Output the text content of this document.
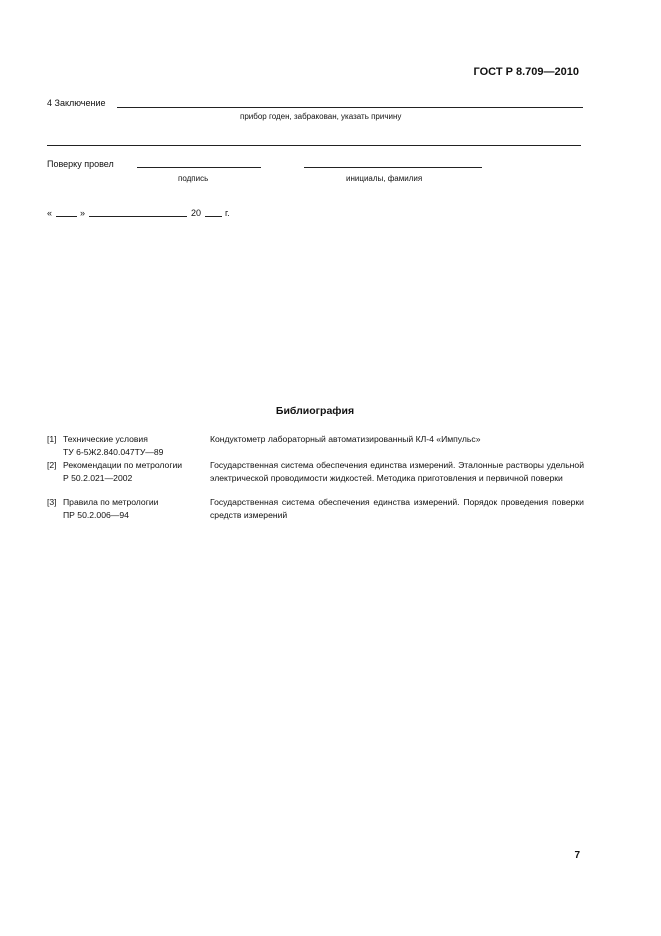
ГОСТ Р 8.709—2010
4 Заключение
прибор годен, забракован, указать причину
Поверку провел
подпись	инициалы, фамилия
«	»	20	г.
Библиография
[1] Технические условия
ТУ 6-5Ж2.840.047ТУ—89
Кондуктометр лабораторный автоматизированный КЛ-4 «Импульс»
[2] Рекомендации по метрологии
Р 50.2.021—2002
Государственная система обеспечения единства измерений. Эталонные растворы удельной электрической проводимости жидкостей. Методика приготовления и первичной поверки
[3] Правила по метрологии
ПР 50.2.006—94
Государственная система обеспечения единства измерений. Порядок проведения поверки средств измерений
7
